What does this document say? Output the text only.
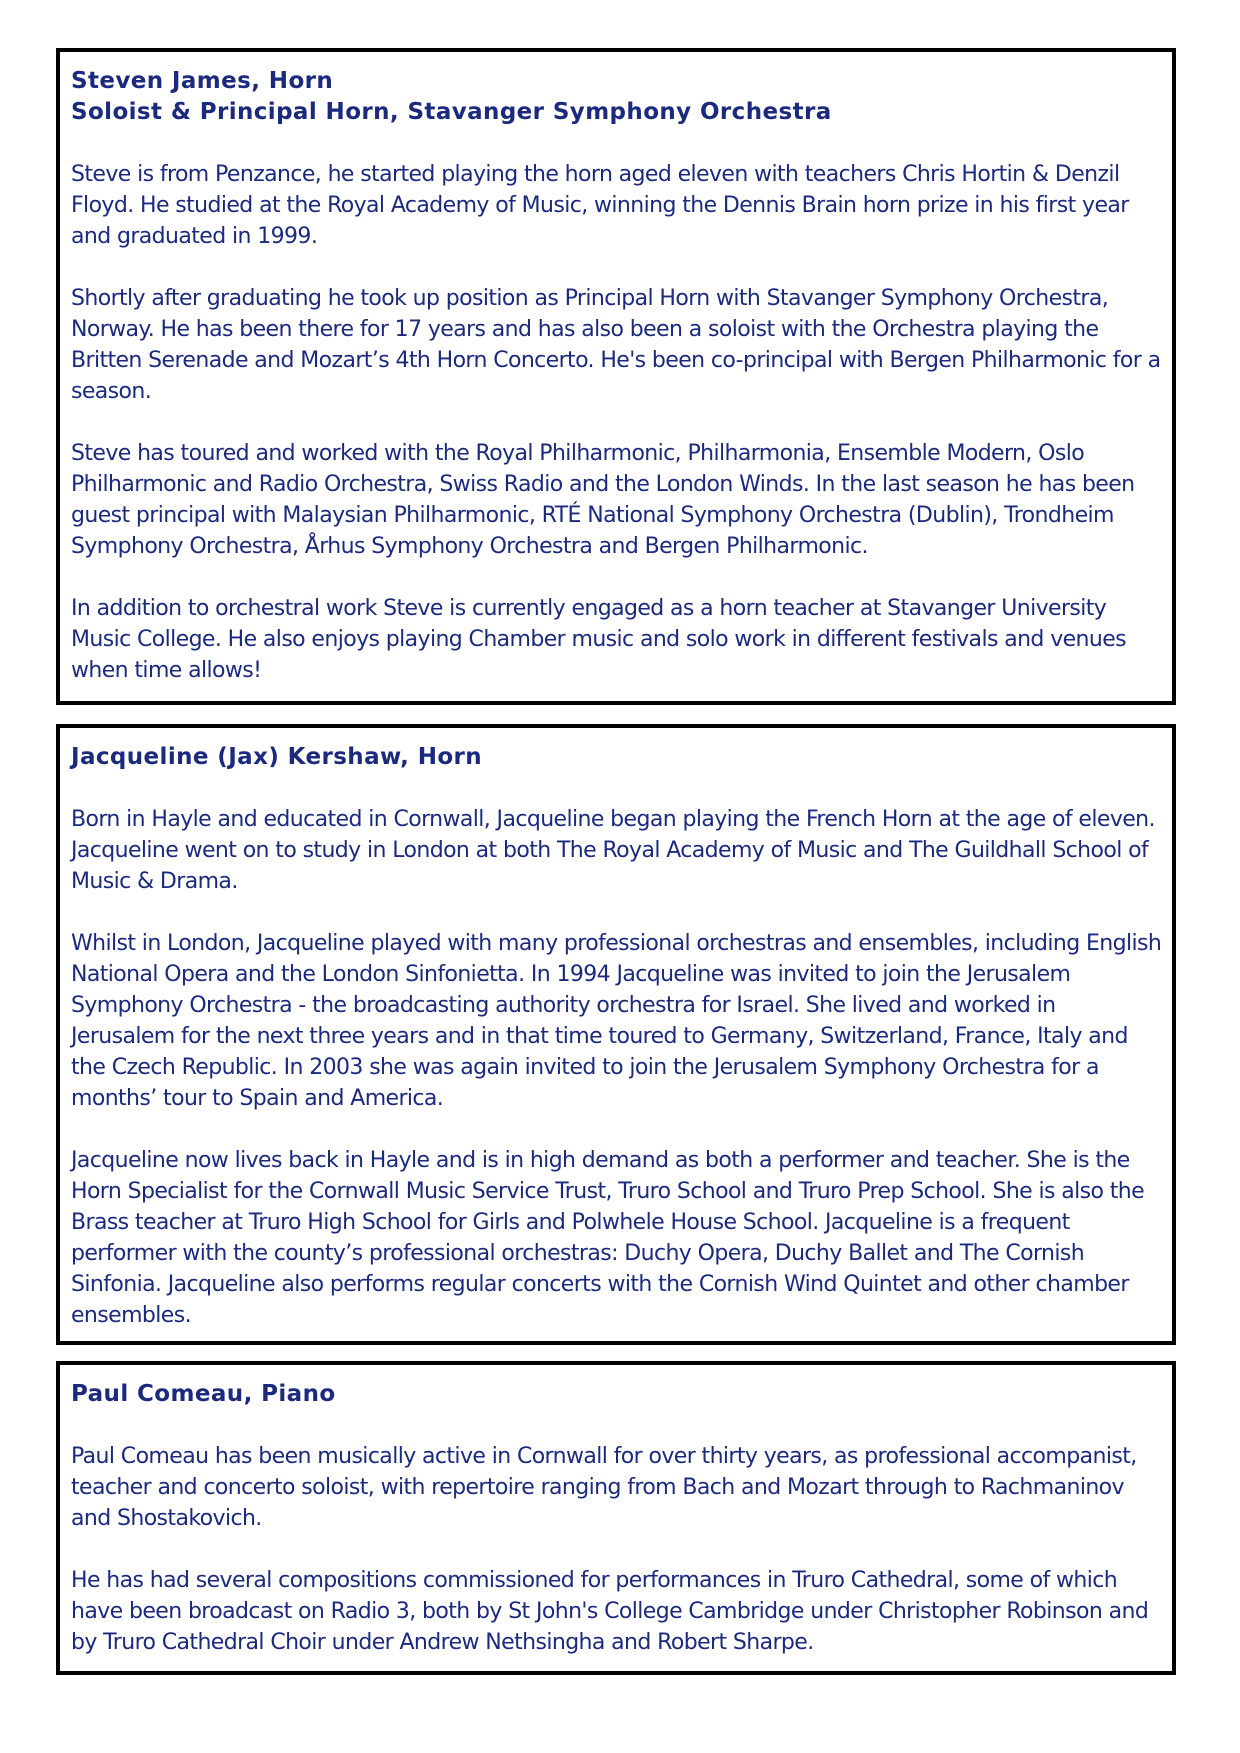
Steven James, Horn

Soloist & Principal Horn, Stavanger Symphony Orchestra

Steve is from Penzance, he started playing the horn aged eleven with teachers Chris Hortin & Denzil Floyd. He studied at the Royal Academy of Music, winning the Dennis Brain horn prize in his first year and graduated in 1999.

Shortly after graduating he took up position as Principal Horn with Stavanger Symphony Orchestra, Norway. He has been there for 17 years and has also been a soloist with the Orchestra playing the Britten Serenade and Mozart’s 4th Horn Concerto. He's been co-principal with Bergen Philharmonic for a season.

Steve has toured and worked with the Royal Philharmonic, Philharmonia, Ensemble Modern, Oslo Philharmonic and Radio Orchestra, Swiss Radio and the London Winds. In the last season he has been guest principal with Malaysian Philharmonic, RTÉ National Symphony Orchestra (Dublin), Trondheim Symphony Orchestra, Århus Symphony Orchestra and Bergen Philharmonic.

In addition to orchestral work Steve is currently engaged as a horn teacher at Stavanger University Music College. He also enjoys playing Chamber music and solo work in different festivals and venues when time allows!

Jacqueline (Jax) Kershaw, Horn

Born in Hayle and educated in Cornwall, Jacqueline began playing the French Horn at the age of eleven. Jacqueline went on to study in London at both The Royal Academy of Music and The Guildhall School of Music & Drama.

Whilst in London, Jacqueline played with many professional orchestras and ensembles, including English National Opera and the London Sinfonietta. In 1994 Jacqueline was invited to join the Jerusalem Symphony Orchestra - the broadcasting authority orchestra for Israel. She lived and worked in Jerusalem for the next three years and in that time toured to Germany, Switzerland, France, Italy and the Czech Republic. In 2003 she was again invited to join the Jerusalem Symphony Orchestra for a months’ tour to Spain and America.

Jacqueline now lives back in Hayle and is in high demand as both a performer and teacher. She is the Horn Specialist for the Cornwall Music Service Trust, Truro School and Truro Prep School. She is also the Brass teacher at Truro High School for Girls and Polwhele House School. Jacqueline is a frequent performer with the county’s professional orchestras: Duchy Opera, Duchy Ballet and The Cornish Sinfonia. Jacqueline also performs regular concerts with the Cornish Wind Quintet and other chamber ensembles.

Paul Comeau, Piano

Paul Comeau has been musically active in Cornwall for over thirty years, as professional accompanist, teacher and concerto soloist, with repertoire ranging from Bach and Mozart through to Rachmaninov and Shostakovich.

He has had several compositions commissioned for performances in Truro Cathedral, some of which have been broadcast on Radio 3, both by St John's College Cambridge under Christopher Robinson and by Truro Cathedral Choir under Andrew Nethsingha and Robert Sharpe.
